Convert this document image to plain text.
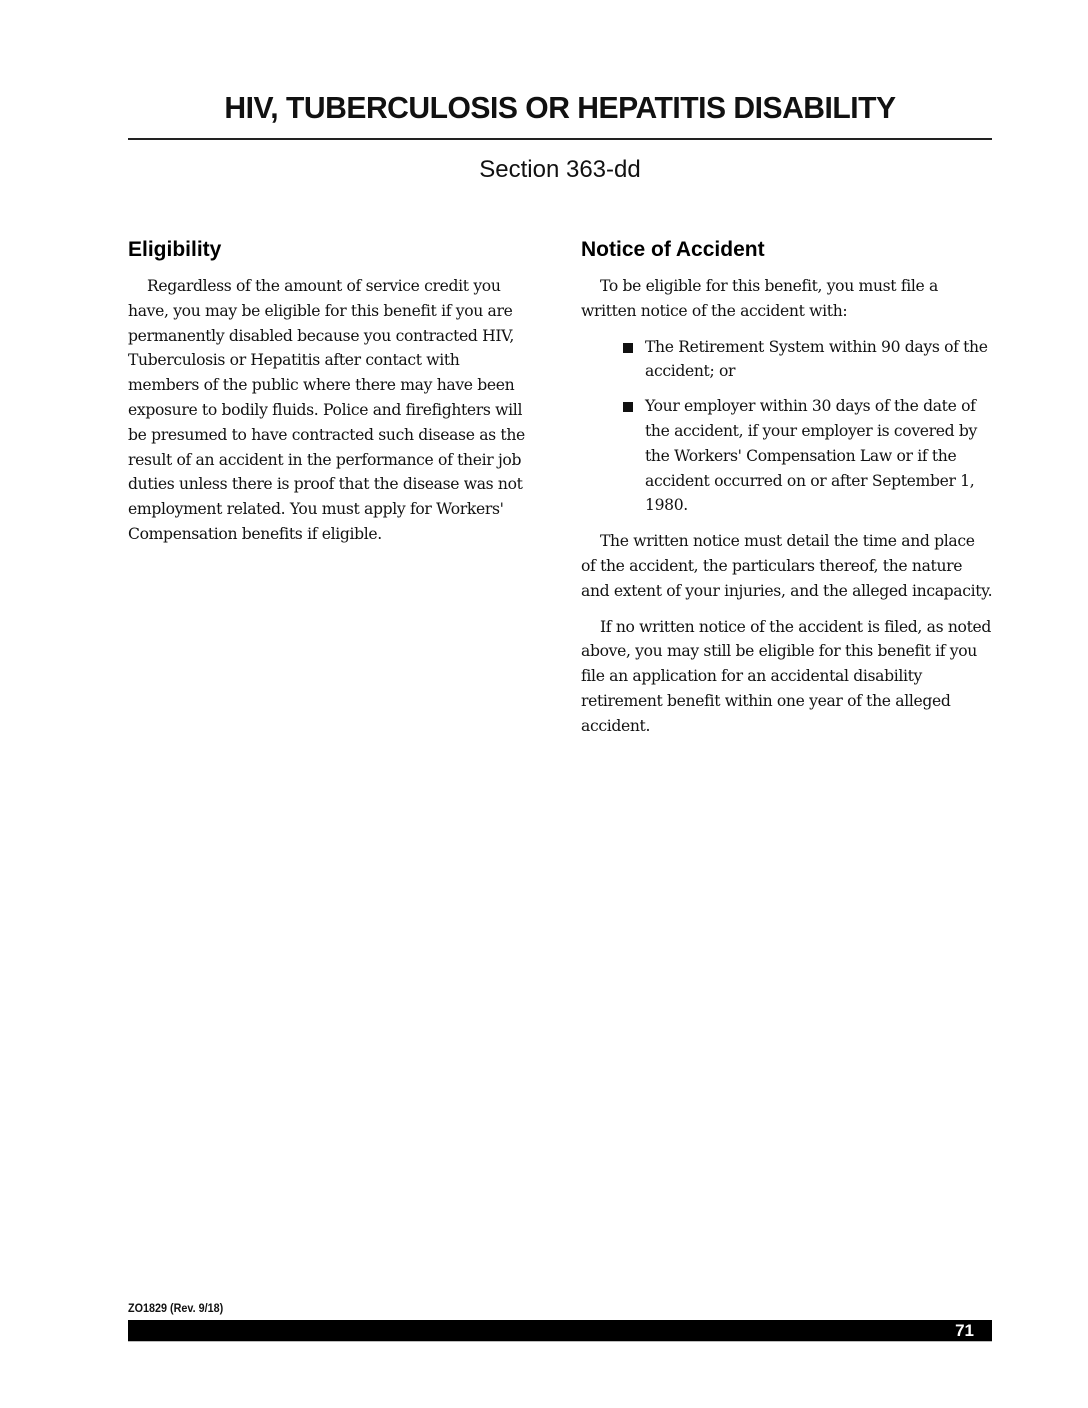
HIV, TUBERCULOSIS OR HEPATITIS DISABILITY
Section 363-dd
Eligibility

Regardless of the amount of service credit you have, you may be eligible for this benefit if you are permanently disabled because you contracted HIV, Tuberculosis or Hepatitis after contact with members of the public where there may have been exposure to bodily fluids. Police and firefighters will be presumed to have contracted such disease as the result of an accident in the performance of their job duties unless there is proof that the disease was not employment related. You must apply for Workers' Compensation benefits if eligible.

Notice of Accident

To be eligible for this benefit, you must file a written notice of the accident with:

The Retirement System within 90 days of the accident; or
Your employer within 30 days of the date of the accident, if your employer is covered by the Workers' Compensation Law or if the accident occurred on or after September 1, 1980.

The written notice must detail the time and place of the accident, the particulars thereof, the nature and extent of your injuries, and the alleged incapacity.

If no written notice of the accident is filed, as noted above, you may still be eligible for this benefit if you file an application for an accidental disability retirement benefit within one year of the alleged accident.

ZO1829 (Rev. 9/18)
71
